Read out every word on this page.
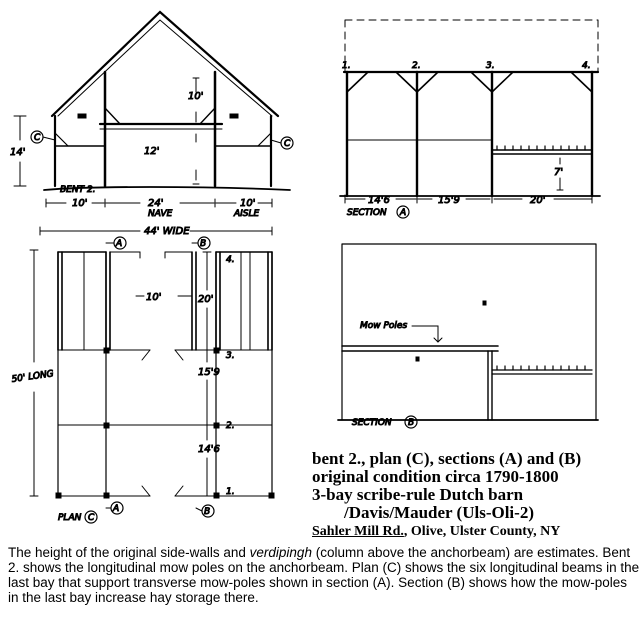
10'
12'
14'
BENT 2.
10'	24'
NAVE
10'
AISLE
44' WIDE
C
C
1.	2.	3.	4.
7'
14'6	15'9	20'
SECTION A
A	B
A	B
10'	20'
15'9
14'6
4.
3.
2.
1.
50' LONG
PLAN C
Mow Poles
SECTION B
bent 2., plan (C), sections (A) and (B)
original condition circa 1790-1800
3-bay scribe-rule Dutch barn
/Davis/Mauder (Uls-Oli-2)
Sahler Mill Rd., Olive, Ulster County, NY

The height of the original side-walls and verdipingh (column above the anchorbeam) are estimates. Bent 2. shows the longitudinal mow poles on the anchorbeam. Plan (C) shows the six longitudinal beams in the last bay that support transverse mow-poles shown in section (A). Section (B) shows how the mow-poles in the last bay increase hay storage there.
